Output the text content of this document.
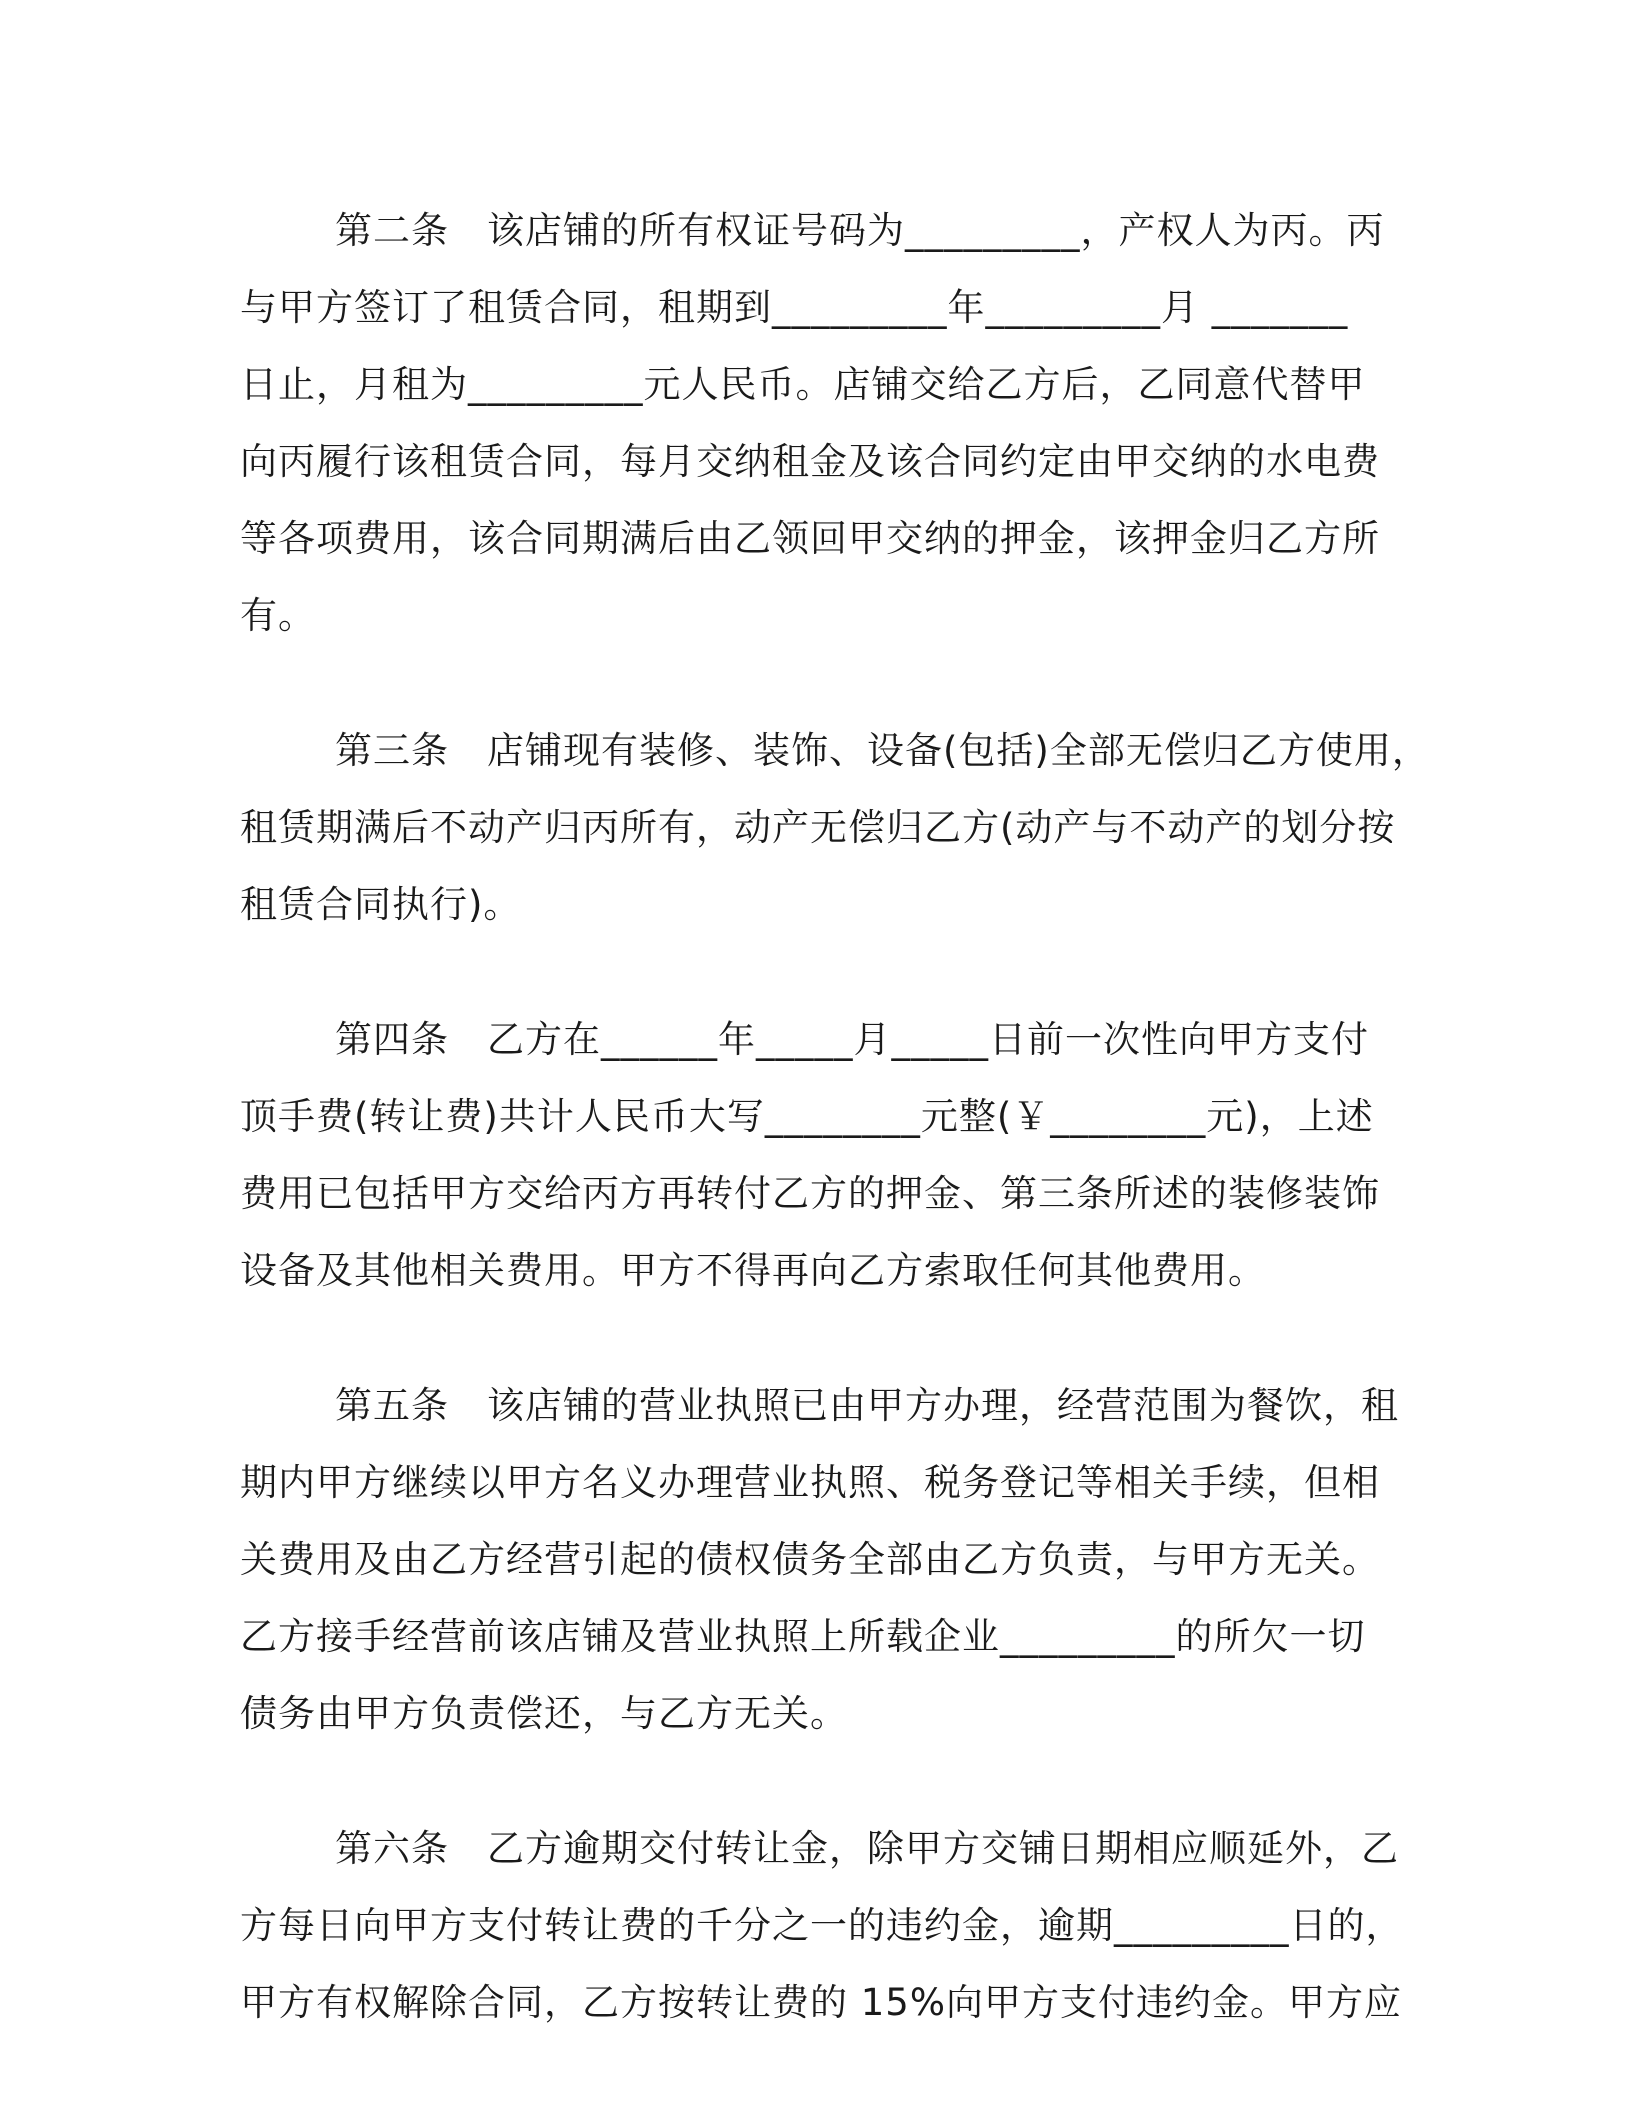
第二条　该店铺的所有权证号码为_________，产权人为丙。丙
与甲方签订了租赁合同，租期到_________年_________月 _______
日止，月租为_________元人民币。店铺交给乙方后，乙同意代替甲
向丙履行该租赁合同，每月交纳租金及该合同约定由甲交纳的水电费
等各项费用，该合同期满后由乙领回甲交纳的押金，该押金归乙方所
有。
第三条　店铺现有装修、装饰、设备(包括)全部无偿归乙方使用，
租赁期满后不动产归丙所有，动产无偿归乙方(动产与不动产的划分按
租赁合同执行)。
第四条　乙方在______年_____月_____日前一次性向甲方支付
顶手费(转让费)共计人民币大写________元整(￥________元)，上述
费用已包括甲方交给丙方再转付乙方的押金、第三条所述的装修装饰
设备及其他相关费用。甲方不得再向乙方索取任何其他费用。
第五条　该店铺的营业执照已由甲方办理，经营范围为餐饮，租
期内甲方继续以甲方名义办理营业执照、税务登记等相关手续，但相
关费用及由乙方经营引起的债权债务全部由乙方负责，与甲方无关。
乙方接手经营前该店铺及营业执照上所载企业_________的所欠一切
债务由甲方负责偿还，与乙方无关。
第六条　乙方逾期交付转让金，除甲方交铺日期相应顺延外，乙
方每日向甲方支付转让费的千分之一的违约金，逾期_________日的，
甲方有权解除合同，乙方按转让费的 15%向甲方支付违约金。甲方应
